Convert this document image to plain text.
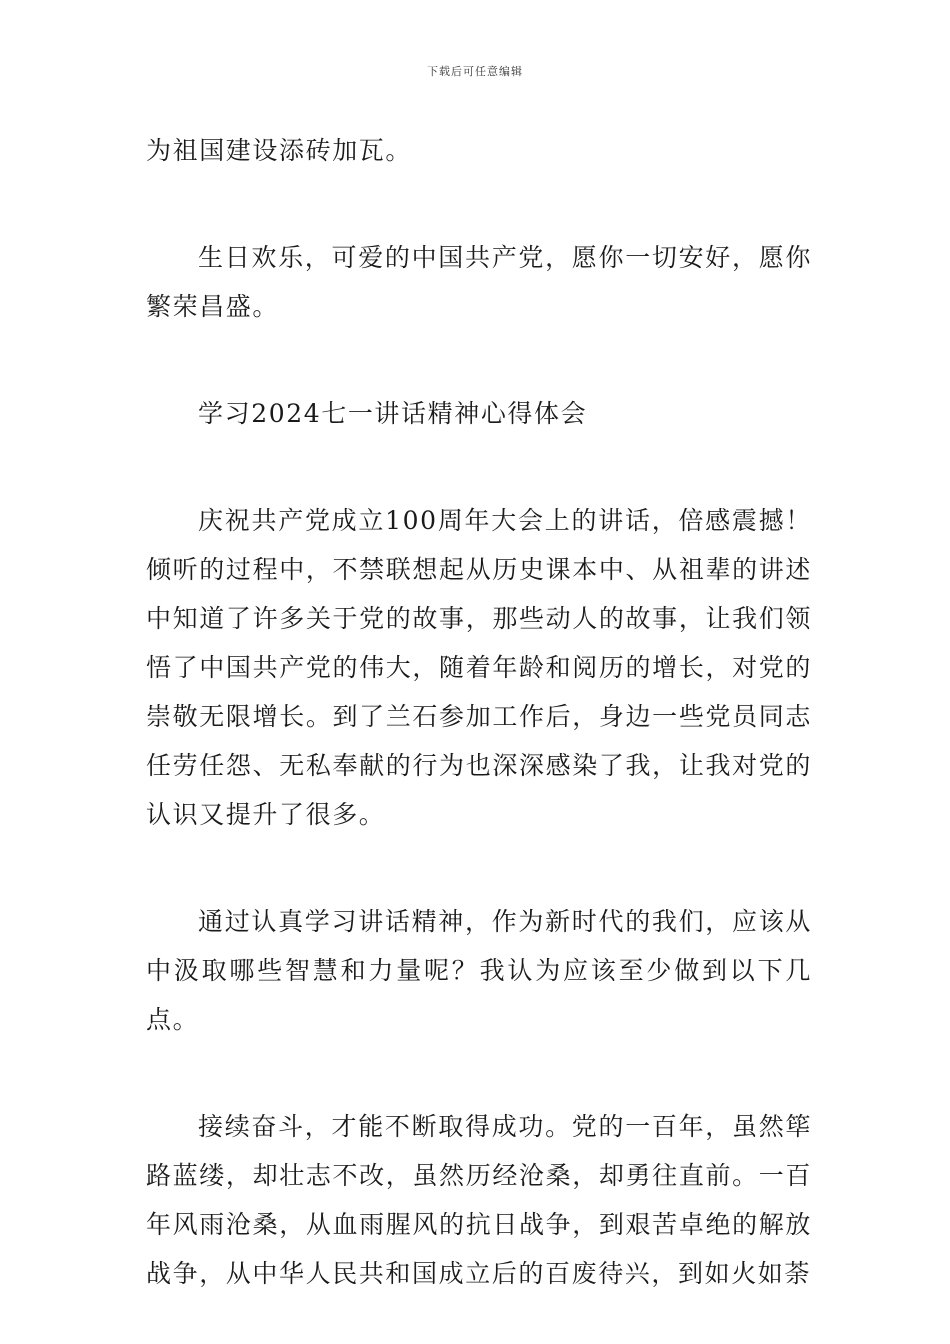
下载后可任意编辑

为祖国建设添砖加瓦。

生日欢乐，可爱的中国共产党，愿你一切安好，愿你繁荣昌盛。

学习2024七一讲话精神心得体会

庆祝共产党成立100周年大会上的讲话，倍感震撼！倾听的过程中，不禁联想起从历史课本中、从祖辈的讲述中知道了许多关于党的故事，那些动人的故事，让我们领悟了中国共产党的伟大，随着年龄和阅历的增长，对党的崇敬无限增长。到了兰石参加工作后，身边一些党员同志任劳任怨、无私奉献的行为也深深感染了我，让我对党的认识又提升了很多。

通过认真学习讲话精神，作为新时代的我们，应该从中汲取哪些智慧和力量呢？我认为应该至少做到以下几点。

接续奋斗，才能不断取得成功。党的一百年，虽然筚路蓝缕，却壮志不改，虽然历经沧桑，却勇往直前。一百年风雨沧桑，从血雨腥风的抗日战争，到艰苦卓绝的解放战争，从中华人民共和国成立后的百废待兴，到如火如荼
